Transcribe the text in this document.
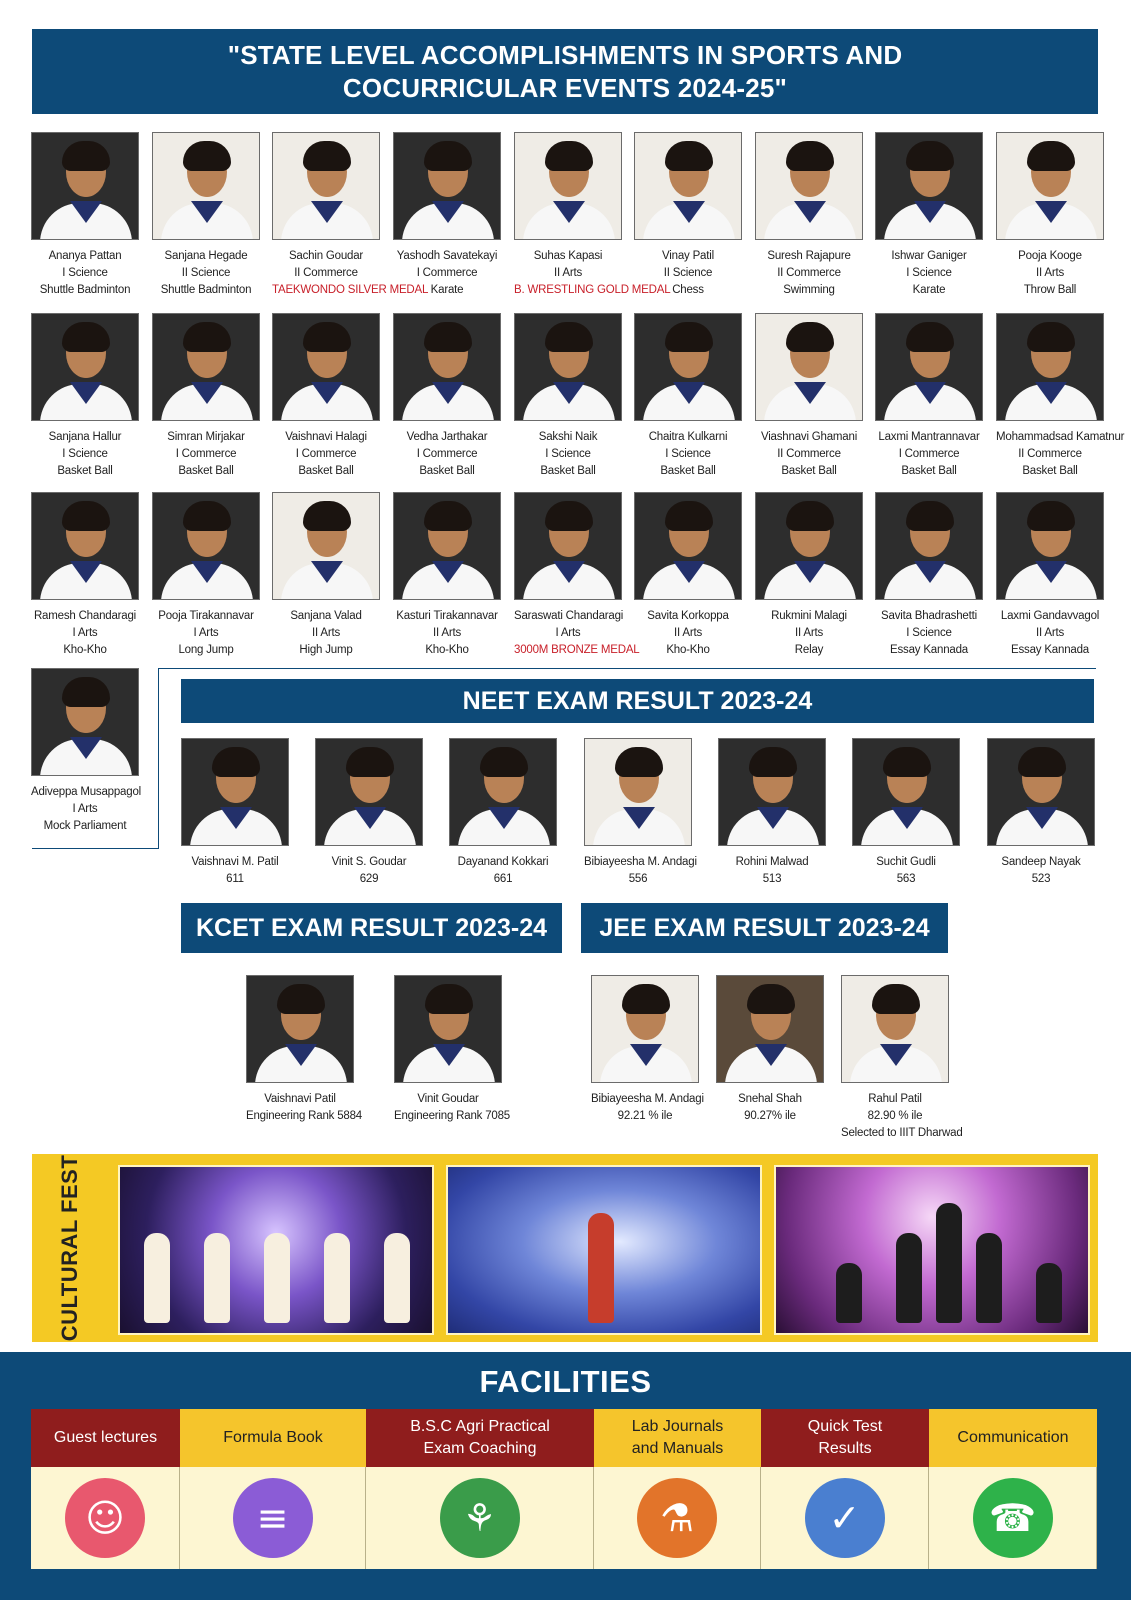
"STATE LEVEL ACCOMPLISHMENTS IN SPORTS AND
COCURRICULAR EVENTS 2024-25"
Ananya Pattan
I Science
Shuttle Badminton
Sanjana Hegade
II Science
Shuttle Badminton
Sachin Goudar
II Commerce
TAEKWONDO SILVER MEDAL
Yashodh Savatekayi
I Commerce
Karate
Suhas Kapasi
II Arts
B. WRESTLING GOLD MEDAL
Vinay Patil
II Science
Chess
Suresh Rajapure
II Commerce
Swimming
Ishwar Ganiger
I Science
Karate
Pooja Kooge
II Arts
Throw Ball
Sanjana Hallur
I Science
Basket Ball
Simran Mirjakar
I Commerce
Basket Ball
Vaishnavi Halagi
I Commerce
Basket Ball
Vedha Jarthakar
I Commerce
Basket Ball
Sakshi Naik
I Science
Basket Ball
Chaitra Kulkarni
I Science
Basket Ball
Viashnavi Ghamani
II Commerce
Basket Ball
Laxmi Mantrannavar
I Commerce
Basket Ball
Mohammadsad Kamatnur
II Commerce
Basket Ball
Ramesh Chandaragi
I Arts
Kho-Kho
Pooja Tirakannavar
I Arts
Long Jump
Sanjana Valad
II Arts
High Jump
Kasturi Tirakannavar
II Arts
Kho-Kho
Saraswati Chandaragi
I Arts
3000M BRONZE MEDAL
Savita Korkoppa
II Arts
Kho-Kho
Rukmini Malagi
II Arts
Relay
Savita Bhadrashetti
I Science
Essay Kannada
Laxmi Gandavvagol
II Arts
Essay Kannada
Adiveppa Musappagol
I Arts
Mock Parliament
NEET EXAM RESULT 2023-24
Vaishnavi M. Patil
611
Vinit S. Goudar
629
Dayanand Kokkari
661
Bibiayeesha M. Andagi
556
Rohini Malwad
513
Suchit Gudli
563
Sandeep Nayak
523
KCET EXAM RESULT 2023-24	JEE EXAM RESULT 2023-24
Vaishnavi Patil
Engineering Rank 5884
Vinit Goudar
Engineering Rank 7085
Bibiayeesha M. Andagi
92.21 % ile
Snehal Shah
90.27% ile
Rahul Patil
82.90 % ile
Selected to IIIT Dharwad
CULTURAL FEST
FACILITIES
Guest lectures
☺
Formula Book
≡
B.S.C Agri Practical
Exam Coaching
⚘
Lab Journals
and Manuals
⚗
Quick Test
Results
✓
Communication
☎
